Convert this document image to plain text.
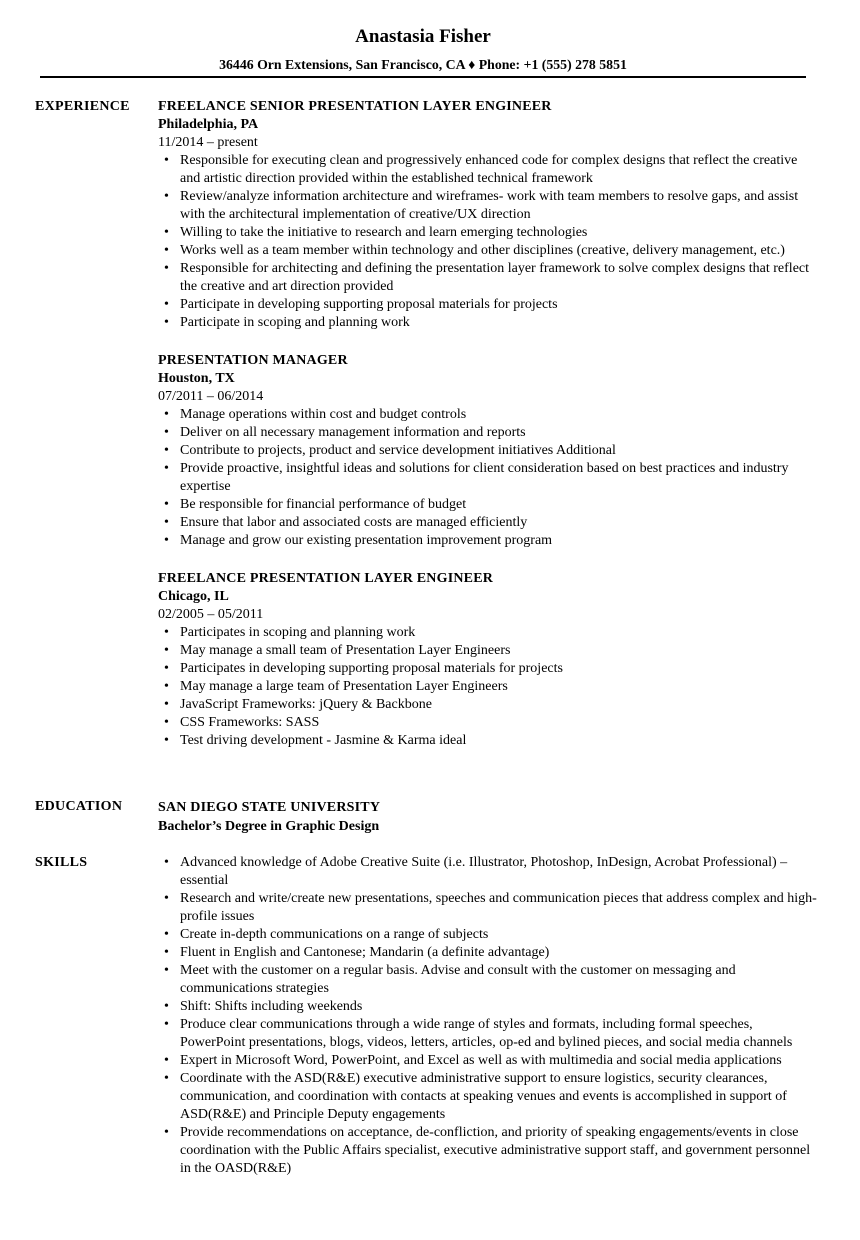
Anastasia Fisher
36446 Orn Extensions, San Francisco, CA ♦ Phone: +1 (555) 278 5851
EXPERIENCE FREELANCE SENIOR PRESENTATION LAYER ENGINEER
Philadelphia, PA
11/2014 – present
• Responsible for executing clean and progressively enhanced code for complex designs that reflect the creative and artistic direction provided within the established technical framework
• Review/analyze information architecture and wireframes- work with team members to resolve gaps, and assist with the architectural implementation of creative/UX direction
• Willing to take the initiative to research and learn emerging technologies
• Works well as a team member within technology and other disciplines (creative, delivery management, etc.)
• Responsible for architecting and defining the presentation layer framework to solve complex designs that reflect the creative and art direction provided
• Participate in developing supporting proposal materials for projects
• Participate in scoping and planning work
PRESENTATION MANAGER
Houston, TX
07/2011 – 06/2014
• Manage operations within cost and budget controls
• Deliver on all necessary management information and reports
• Contribute to projects, product and service development initiatives Additional
• Provide proactive, insightful ideas and solutions for client consideration based on best practices and industry expertise
• Be responsible for financial performance of budget
• Ensure that labor and associated costs are managed efficiently
• Manage and grow our existing presentation improvement program
FREELANCE PRESENTATION LAYER ENGINEER
Chicago, IL
02/2005 – 05/2011
• Participates in scoping and planning work
• May manage a small team of Presentation Layer Engineers
• Participates in developing supporting proposal materials for projects
• May manage a large team of Presentation Layer Engineers
• JavaScript Frameworks: jQuery & Backbone
• CSS Frameworks: SASS
• Test driving development - Jasmine & Karma ideal
EDUCATION	SAN DIEGO STATE UNIVERSITY
Bachelor’s Degree in Graphic Design
SKILLS
•	Advanced knowledge of Adobe Creative Suite (i.e. Illustrator, Photoshop, InDesign, Acrobat Professional) – essential
• Research and write/create new presentations, speeches and communication pieces that address complex and high-profile issues
• Create in-depth communications on a range of subjects
• Fluent in English and Cantonese; Mandarin (a definite advantage)
• Meet with the customer on a regular basis. Advise and consult with the customer on messaging and communications strategies
• Shift: Shifts including weekends
• Produce clear communications through a wide range of styles and formats, including formal speeches, PowerPoint presentations, blogs, videos, letters, articles, op-ed and bylined pieces, and social media channels
• Expert in Microsoft Word, PowerPoint, and Excel as well as with multimedia and social media applications
• Coordinate with the ASD(R&E) executive administrative support to ensure logistics, security clearances, communication, and coordination with contacts at speaking venues and events is accomplished in support of ASD(R&E) and Principle Deputy engagements
• Provide recommendations on acceptance, de-confliction, and priority of speaking engagements/events in close coordination with the Public Affairs specialist, executive administrative support staff, and government personnel in the OASD(R&E)
